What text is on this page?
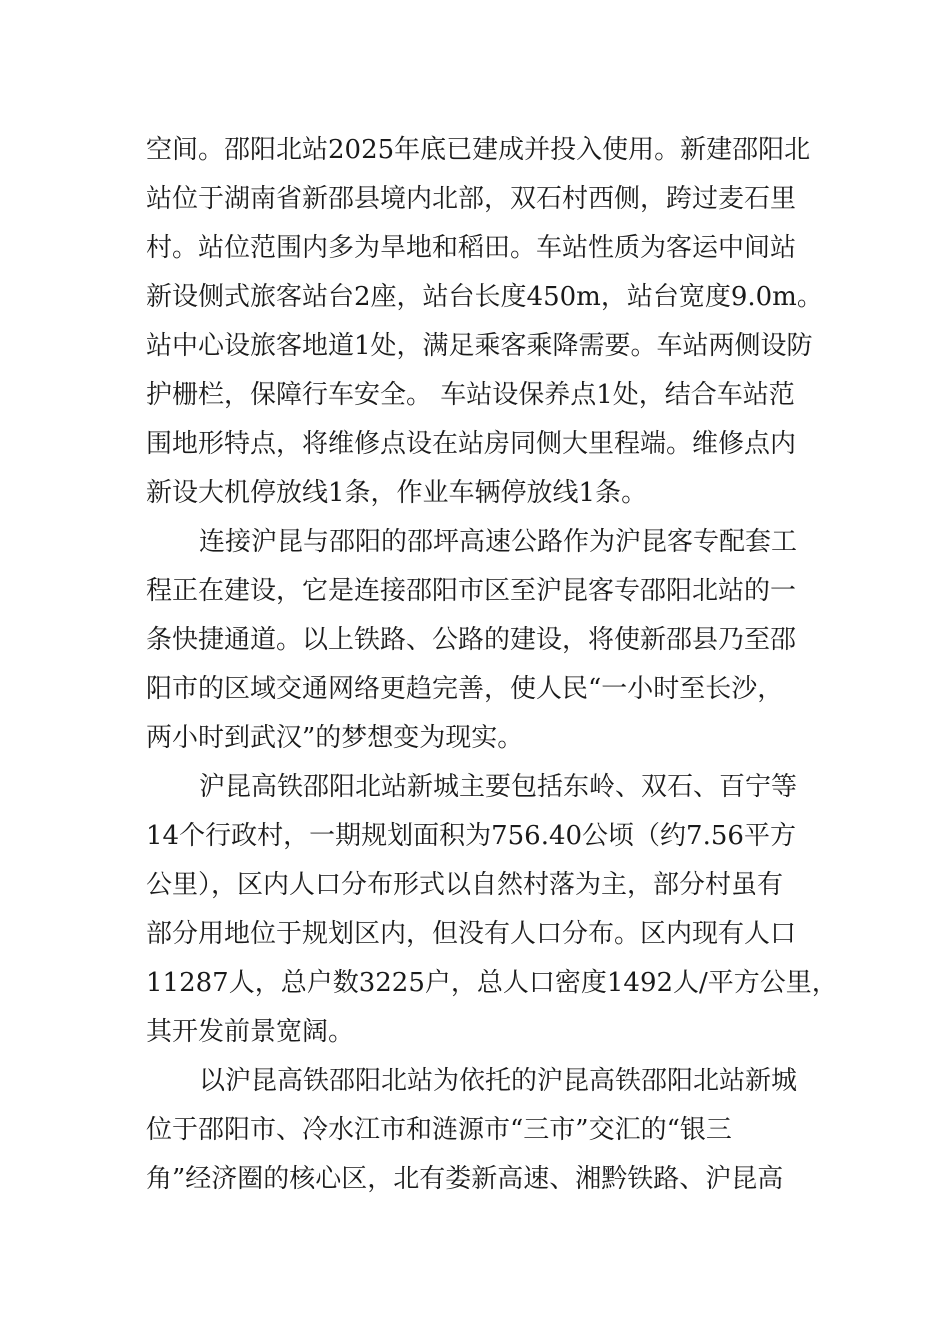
空间。邵阳北站2025年底已建成并投入使用。新建邵阳北
站位于湖南省新邵县境内北部，双石村西侧，跨过麦石里
村。站位范围内多为旱地和稻田。车站性质为客运中间站
新设侧式旅客站台2座，站台长度450m，站台宽度9.0m。
站中心设旅客地道1处，满足乘客乘降需要。车站两侧设防
护栅栏，保障行车安全。 车站设保养点1处，结合车站范
围地形特点，将维修点设在站房同侧大里程端。维修点内
新设大机停放线1条，作业车辆停放线1条。
连接沪昆与邵阳的邵坪高速公路作为沪昆客专配套工
程正在建设，它是连接邵阳市区至沪昆客专邵阳北站的一
条快捷通道。以上铁路、公路的建设，将使新邵县乃至邵
阳市的区域交通网络更趋完善，使人民“一小时至长沙，
两小时到武汉”的梦想变为现实。
沪昆高铁邵阳北站新城主要包括东岭、双石、百宁等
14个行政村，一期规划面积为756.40公顷（约7.56平方
公里），区内人口分布形式以自然村落为主，部分村虽有
部分用地位于规划区内，但没有人口分布。区内现有人口
11287人，总户数3225户，总人口密度1492人/平方公里，
其开发前景宽阔。
以沪昆高铁邵阳北站为依托的沪昆高铁邵阳北站新城
位于邵阳市、冷水江市和涟源市“三市”交汇的“银三
角”经济圈的核心区，北有娄新高速、湘黔铁路、沪昆高
